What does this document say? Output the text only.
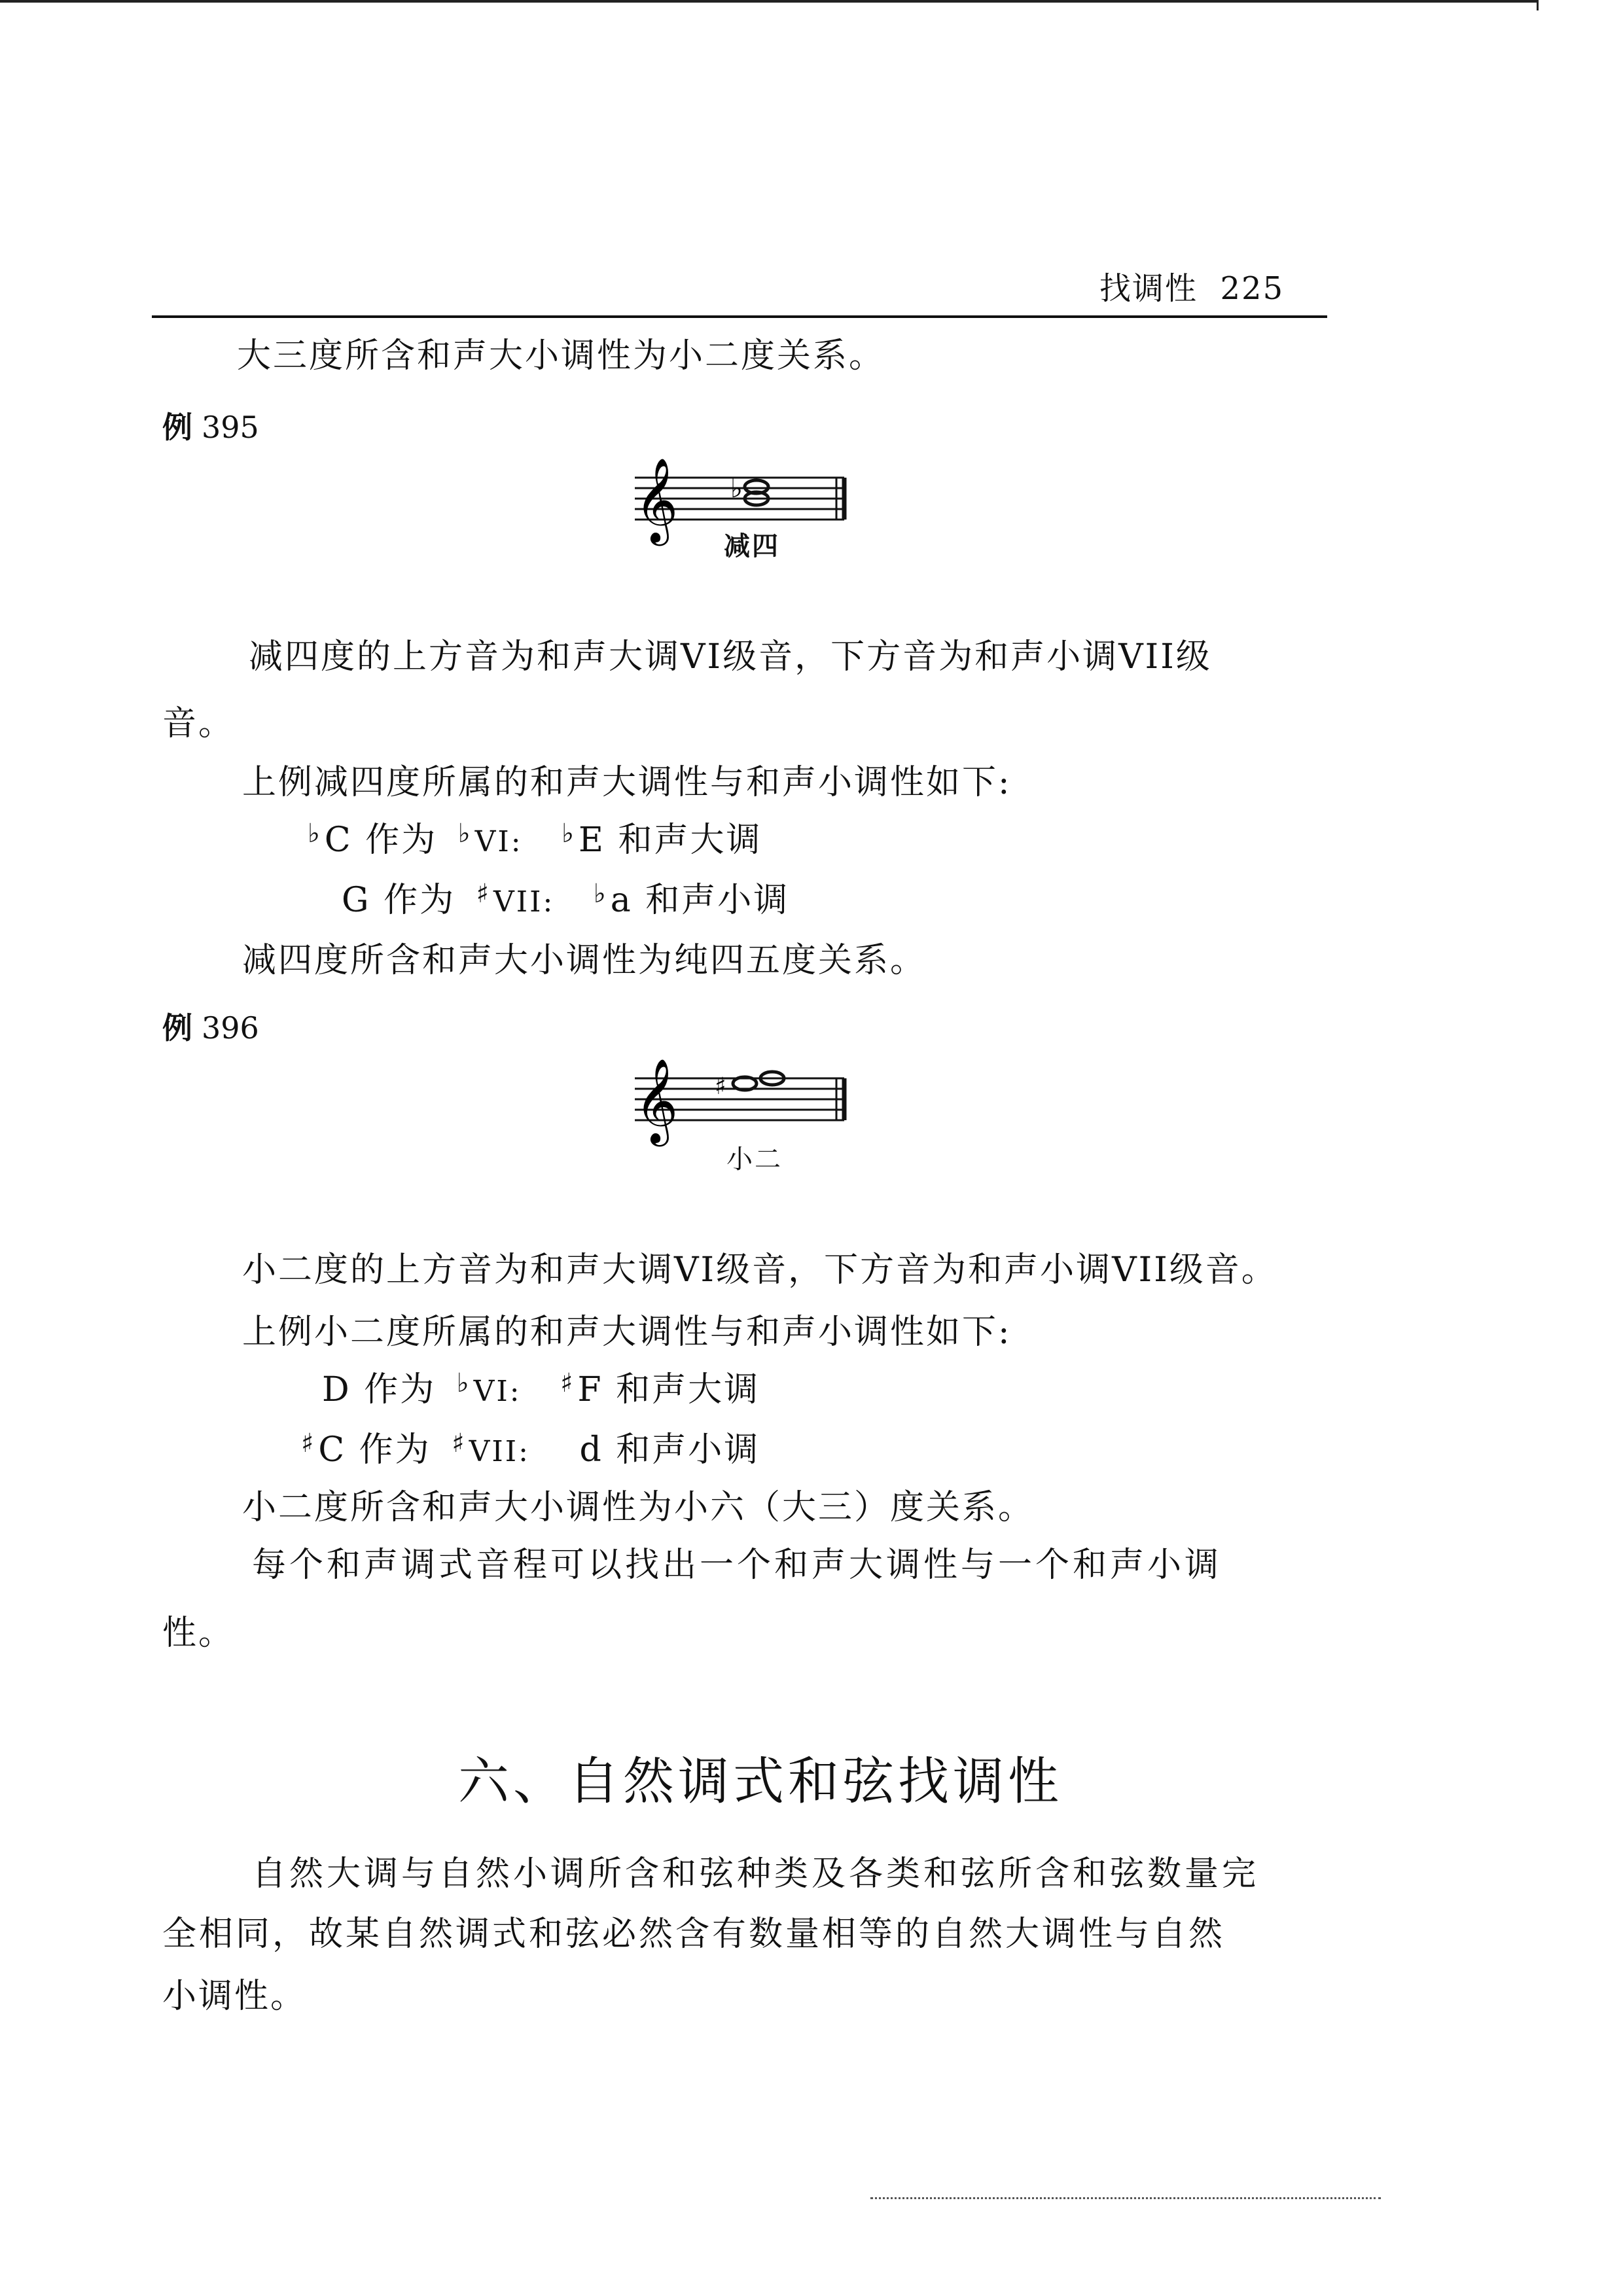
找调性  225
大三度所含和声大小调性为小二度关系。
例 395
𝄞 ♭
减四
减四度的上方音为和声大调VI级音，下方音为和声小调VII级
音。
上例减四度所属的和声大调性与和声小调性如下:
♭C 作为 ♭VI: ♭E 和声大调
G 作为 ♯VII: ♭a 和声小调
减四度所含和声大小调性为纯四五度关系。
例 396
𝄞 ♯
小二
小二度的上方音为和声大调VI级音，下方音为和声小调VII级音。
上例小二度所属的和声大调性与和声小调性如下:
D 作为 ♭VI: ♯F 和声大调
♯C 作为 ♯VII: d 和声小调
小二度所含和声大小调性为小六（大三）度关系。
每个和声调式音程可以找出一个和声大调性与一个和声小调
性。
六、自然调式和弦找调性
自然大调与自然小调所含和弦种类及各类和弦所含和弦数量完
全相同，故某自然调式和弦必然含有数量相等的自然大调性与自然
小调性。
